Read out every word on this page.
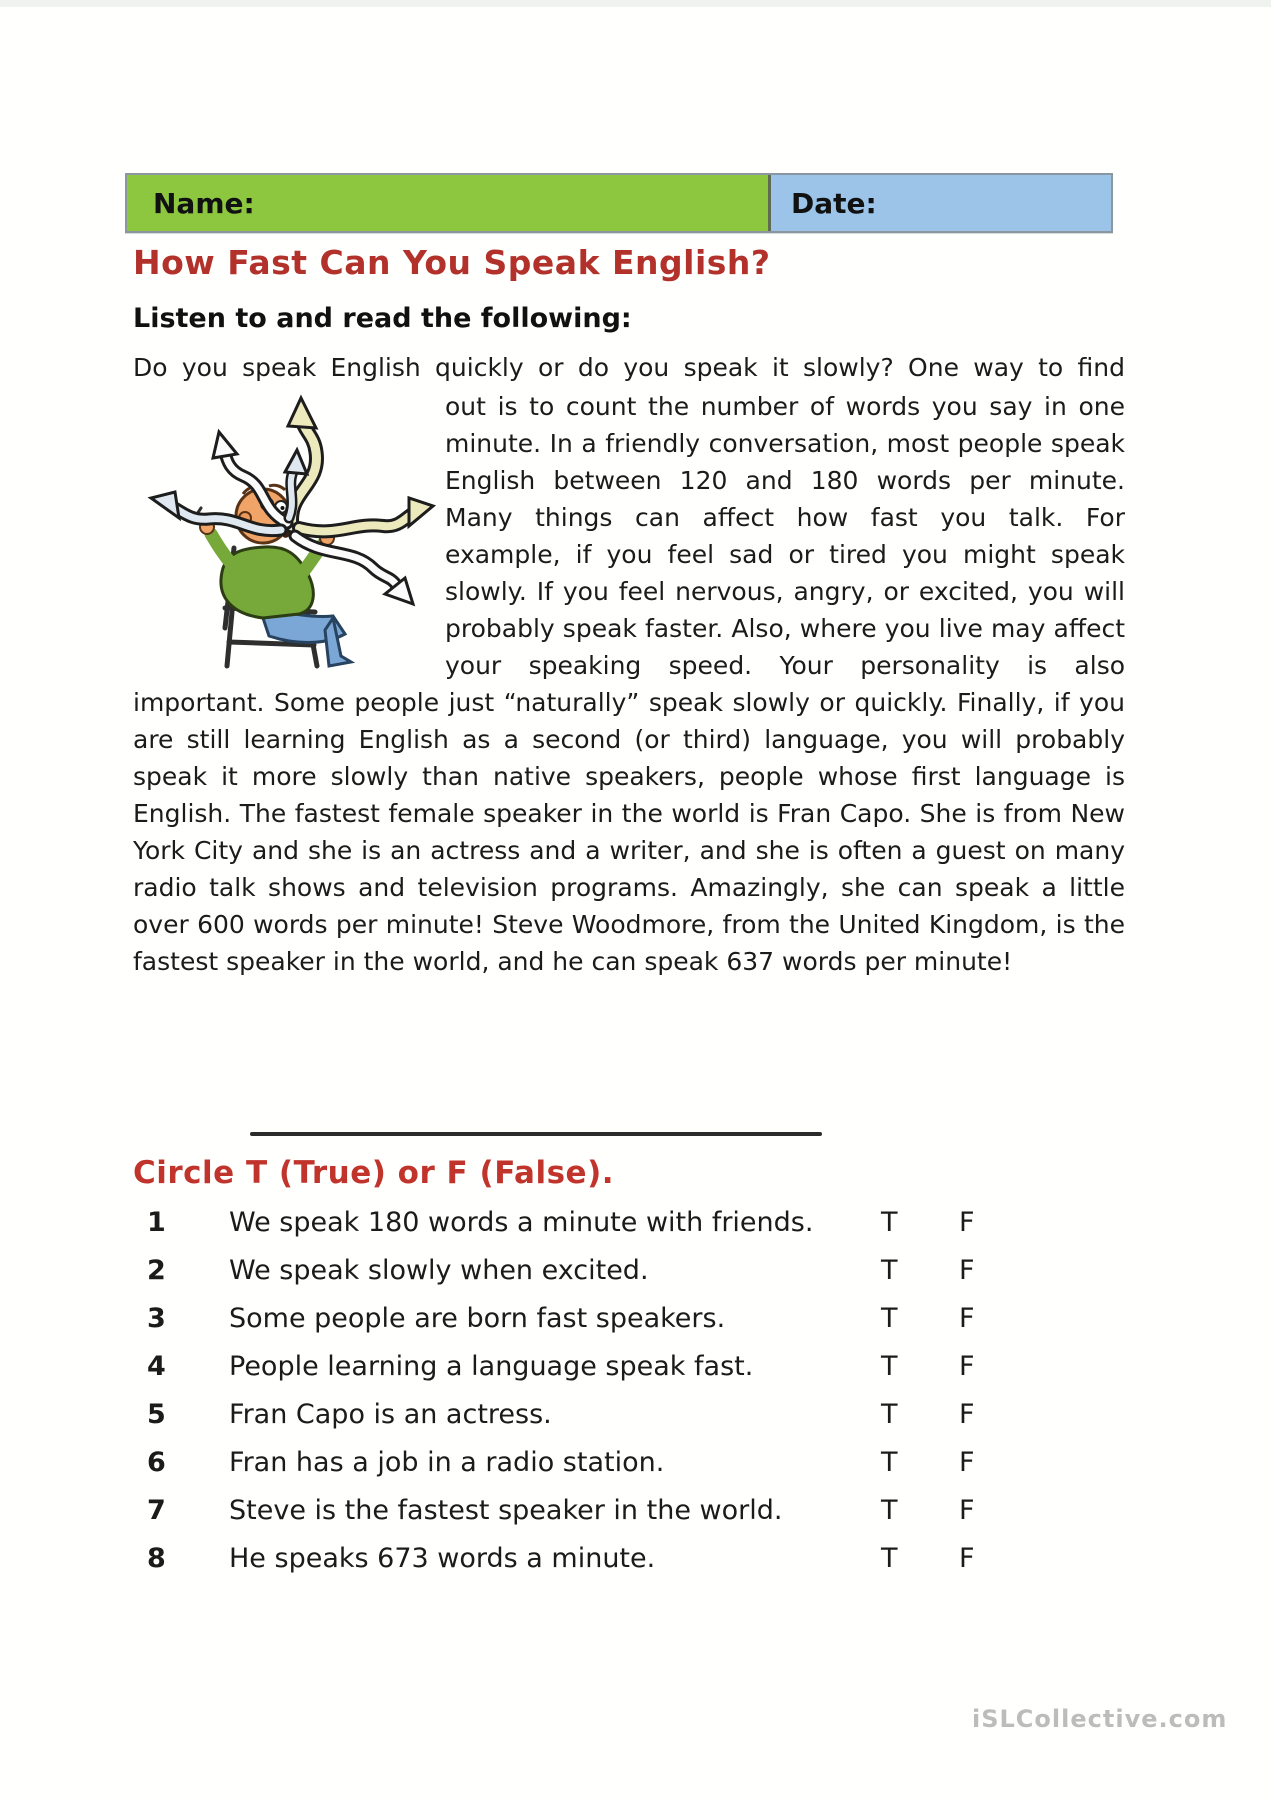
Name:	Date:
How Fast Can You Speak English?
Listen to and read the following:
Do you speak English quickly or do you speak it slowly? One way to find
out is to count the number of words you say in one minute. In a friendly conversation, most people speak English between 120 and 180 words per minute. Many things can affect how fast you talk. For example, if you feel sad or tired you might speak slowly. If you feel nervous, angry, or excited, you will probably speak faster. Also, where you live may affect your speaking speed. Your personality is also important. Some people just “naturally” speak slowly or quickly. Finally, if you are still learning English as a second (or third) language, you will probably speak it more slowly than native speakers, people whose first language is English. The fastest female speaker in the world is Fran Capo. She is from New York City and she is an actress and a writer, and she is often a guest on many radio talk shows and television programs. Amazingly, she can speak a little over 600 words per minute! Steve Woodmore, from the United Kingdom, is the fastest speaker in the world, and he can speak 637 words per minute!
Circle T (True) or F (False).
1 We speak 180 words a minute with friends.	T F
2 We speak slowly when excited.	T F
3 Some people are born fast speakers.	T F
4 People learning a language speak fast.	T F
5 Fran Capo is an actress.	T F
6 Fran has a job in a radio station.	T F
7 Steve is the fastest speaker in the world.	T F
8 He speaks 673 words a minute.	T F
iSLCollective.com
